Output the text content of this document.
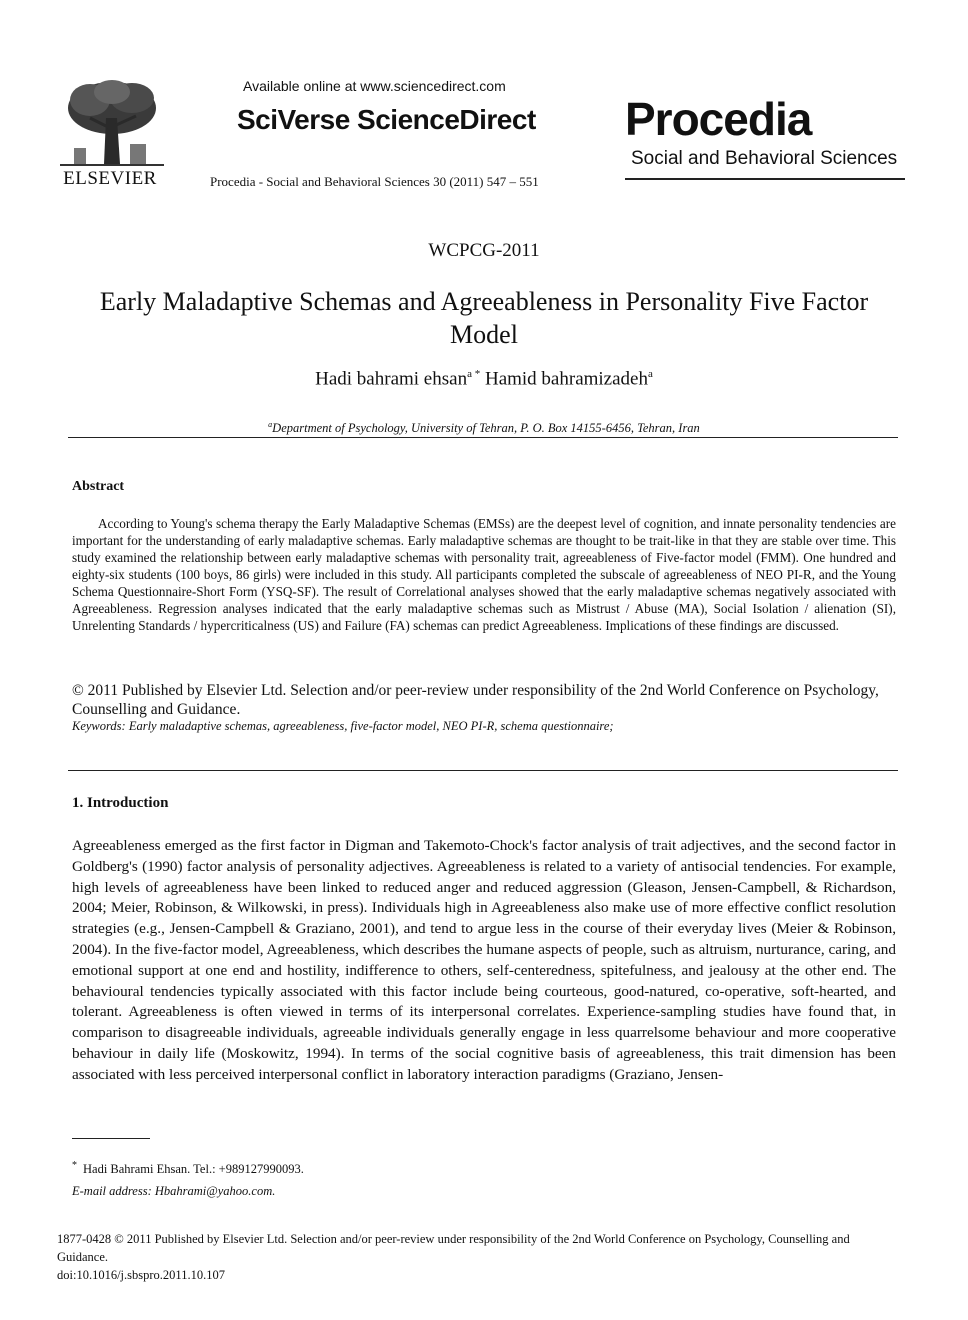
ELSEVIER
Available online at www.sciencedirect.com
SciVerse ScienceDirect
Procedia - Social and Behavioral Sciences 30 (2011) 547 – 551
Procedia
Social and Behavioral Sciences
WCPCG-2011
Early Maladaptive Schemas and Agreeableness in Personality Five Factor Model
Hadi bahrami ehsan$^{a *}$ Hamid bahramizadeh$^a$
$^a$Department of Psychology, University of Tehran, P. O. Box 14155-6456, Tehran, Iran
Abstract
According to Young's schema therapy the Early Maladaptive Schemas (EMSs) are the deepest level of cognition, and innate personality tendencies are important for the understanding of early maladaptive schemas. Early maladaptive schemas are thought to be trait-like in that they are stable over time. This study examined the relationship between early maladaptive schemas with personality trait, agreeableness of Five-factor model (FMM). One hundred and eighty-six students (100 boys, 86 girls) were included in this study. All participants completed the subscale of agreeableness of NEO PI-R, and the Young Schema Questionnaire-Short Form (YSQ-SF). The result of Correlational analyses showed that the early maladaptive schemas negatively associated with Agreeableness. Regression analyses indicated that the early maladaptive schemas such as Mistrust / Abuse (MA), Social Isolation / alienation (SI), Unrelenting Standards / hypercriticalness (US) and Failure (FA) schemas can predict Agreeableness. Implications of these findings are discussed.
© 2011 Published by Elsevier Ltd. Selection and/or peer-review under responsibility of the 2nd World Conference on Psychology, Counselling and Guidance.
Keywords: Early maladaptive schemas, agreeableness, five-factor model, NEO PI-R, schema questionnaire;
1. Introduction
Agreeableness emerged as the first factor in Digman and Takemoto-Chock's factor analysis of trait adjectives, and the second factor in Goldberg's (1990) factor analysis of personality adjectives. Agreeableness is related to a variety of antisocial tendencies. For example, high levels of agreeableness have been linked to reduced anger and reduced aggression (Gleason, Jensen-Campbell, & Richardson, 2004; Meier, Robinson, & Wilkowski, in press). Individuals high in Agreeableness also make use of more effective conflict resolution strategies (e.g., Jensen-Campbell & Graziano, 2001), and tend to argue less in the course of their everyday lives (Meier & Robinson, 2004). In the five-factor model, Agreeableness, which describes the humane aspects of people, such as altruism, nurturance, caring, and emotional support at one end and hostility, indifference to others, self-centeredness, spitefulness, and jealousy at the other end. The behavioural tendencies typically associated with this factor include being courteous, good-natured, co-operative, soft-hearted, and tolerant. Agreeableness is often viewed in terms of its interpersonal correlates. Experience-sampling studies have found that, in comparison to disagreeable individuals, agreeable individuals generally engage in less quarrelsome behaviour and more cooperative behaviour in daily life (Moskowitz, 1994). In terms of the social cognitive basis of agreeableness, this trait dimension has been associated with less perceived interpersonal conflict in laboratory interaction paradigms (Graziano, Jensen-
* Hadi Bahrami Ehsan. Tel.: +989127990093.
E-mail address: Hbahrami@yahoo.com.
1877-0428 © 2011 Published by Elsevier Ltd. Selection and/or peer-review under responsibility of the 2nd World Conference on Psychology, Counselling and Guidance.
doi:10.1016/j.sbspro.2011.10.107
